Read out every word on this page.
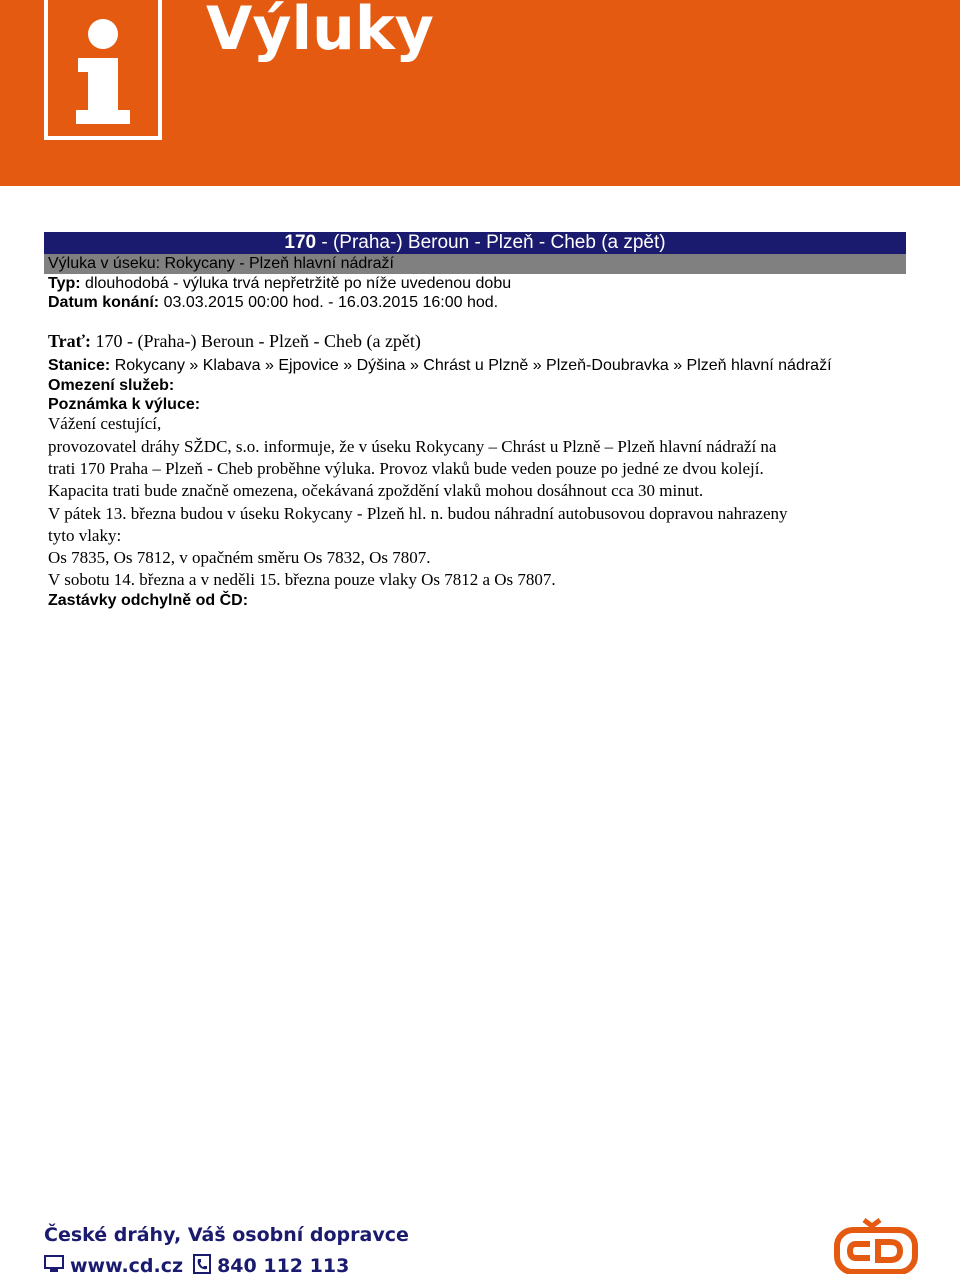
Výluky
170 - (Praha-) Beroun - Plzeň - Cheb (a zpět)
Výluka v úseku: Rokycany - Plzeň hlavní nádraží
Typ: dlouhodobá - výluka trvá nepřetržitě po níže uvedenou dobu
Datum konání: 03.03.2015 00:00 hod. - 16.03.2015 16:00 hod.
Trať: 170 - (Praha-) Beroun - Plzeň - Cheb (a zpět)
Stanice: Rokycany » Klabava » Ejpovice » Dýšina » Chrást u Plzně » Plzeň-Doubravka » Plzeň hlavní nádraží
Omezení služeb:
Poznámka k výluce:
Vážení cestující,
provozovatel dráhy SŽDC, s.o. informuje, že v úseku Rokycany – Chrást u Plzně – Plzeň hlavní nádraží na
trati 170 Praha – Plzeň - Cheb proběhne výluka. Provoz vlaků bude veden pouze po jedné ze dvou kolejí.
Kapacita trati bude značně omezena, očekávaná zpoždění vlaků mohou dosáhnout cca 30 minut.
V pátek 13. března budou v úseku Rokycany - Plzeň hl. n. budou náhradní autobusovou dopravou nahrazeny
tyto vlaky:
Os 7835, Os 7812, v opačném směru Os 7832, Os 7807.
V sobotu 14. března a v neděli 15. března pouze vlaky Os 7812 a Os 7807.
Zastávky odchylně od ČD:
České dráhy, Váš osobní dopravce
www.cd.cz 840 112 113
